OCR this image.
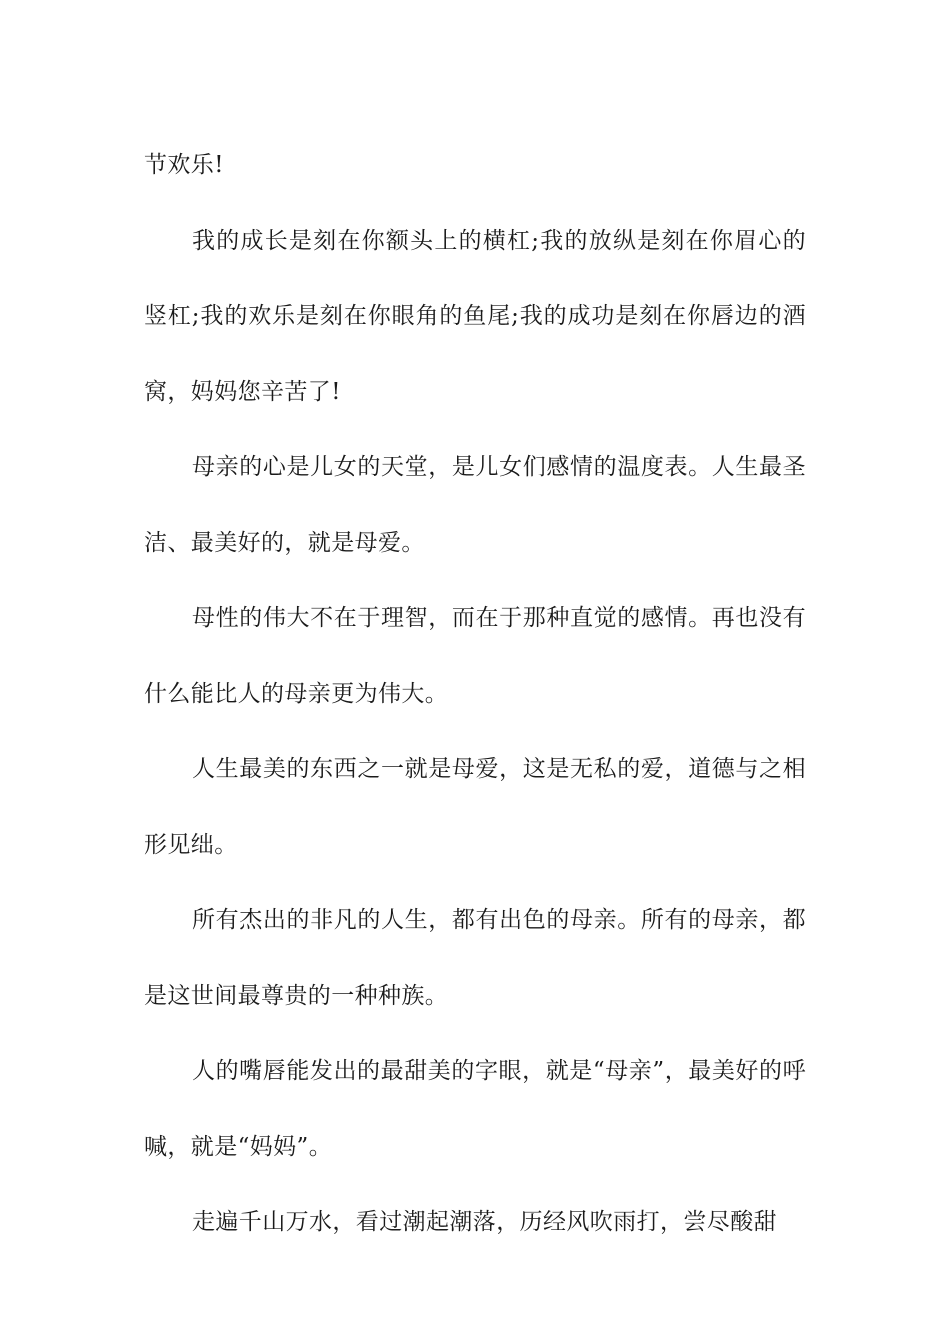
节欢乐!

我的成长是刻在你额头上的横杠;我的放纵是刻在你眉心的竖杠;我的欢乐是刻在你眼角的鱼尾;我的成功是刻在你唇边的酒窝，妈妈您辛苦了!

母亲的心是儿女的天堂，是儿女们感情的温度表。人生最圣洁、最美好的，就是母爱。

母性的伟大不在于理智，而在于那种直觉的感情。再也没有什么能比人的母亲更为伟大。

人生最美的东西之一就是母爱，这是无私的爱，道德与之相形见绌。

所有杰出的非凡的人生，都有出色的母亲。所有的母亲，都是这世间最尊贵的一种种族。

人的嘴唇能发出的最甜美的字眼，就是“母亲”，最美好的呼喊，就是“妈妈”。

走遍千山万水，看过潮起潮落，历经风吹雨打，尝尽酸甜
